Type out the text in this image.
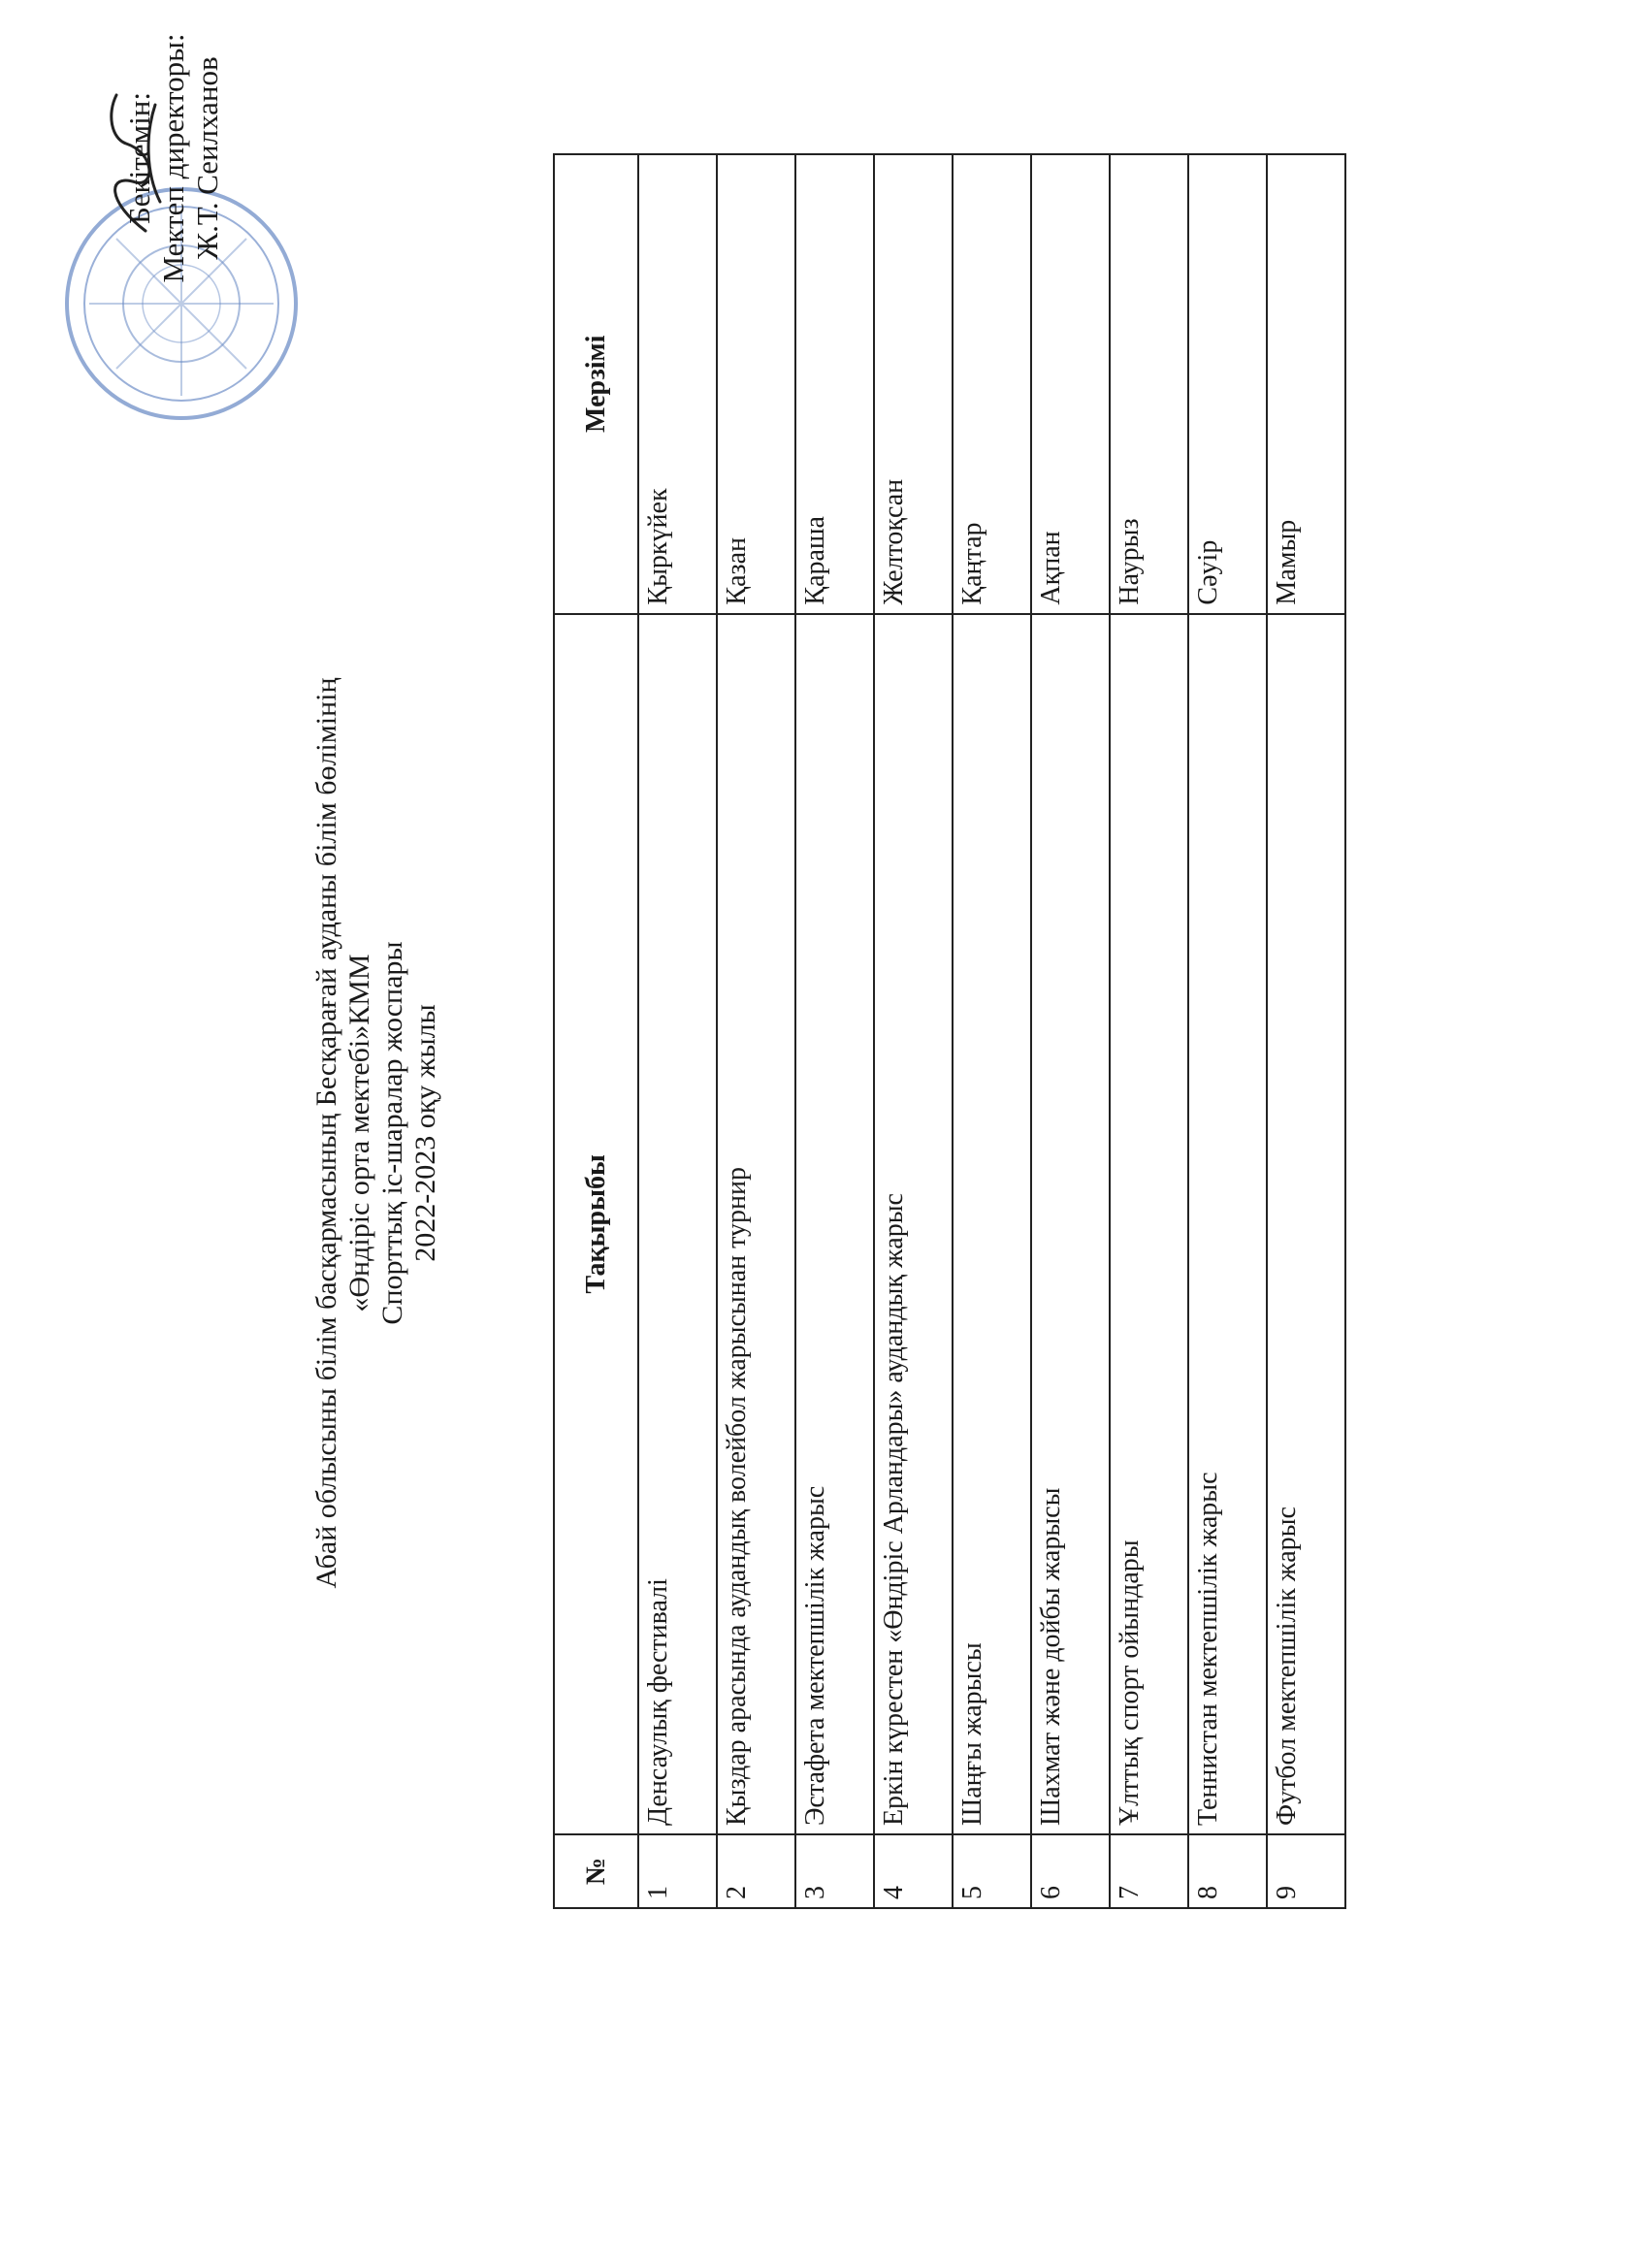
Абай облысыны білім басқармасының Бесқарағай ауданы білім бөлімінің «Өндіріс орта мектебі»КММ Спорттық іс-шаралар жоспары 2022-2023 оқу жылы
Бекітемін: Мектеп директоры: Ж.Т. Сеилханов
№	Тақырыбы	Мерзімі
1	Денсаулық фестивалі	Қыркүйек
2	Қыздар арасында аудандық волейбол жарысынан турнир	Қазан
3	Эстафета мектепшілік жарыс	Қараша
4	Еркін күрестен «Өндіріс Арландары» аудандық жарыс	Желтоқсан
5	Шаңғы жарысы	Қаңтар
6	Шахмат және дойбы жарысы	Ақпан
7	Ұлттық спорт ойындары	Наурыз
8	Теннистан мектепшілік жарыс	Сәуір
9	Футбол мектепшілік жарыс	Мамыр
